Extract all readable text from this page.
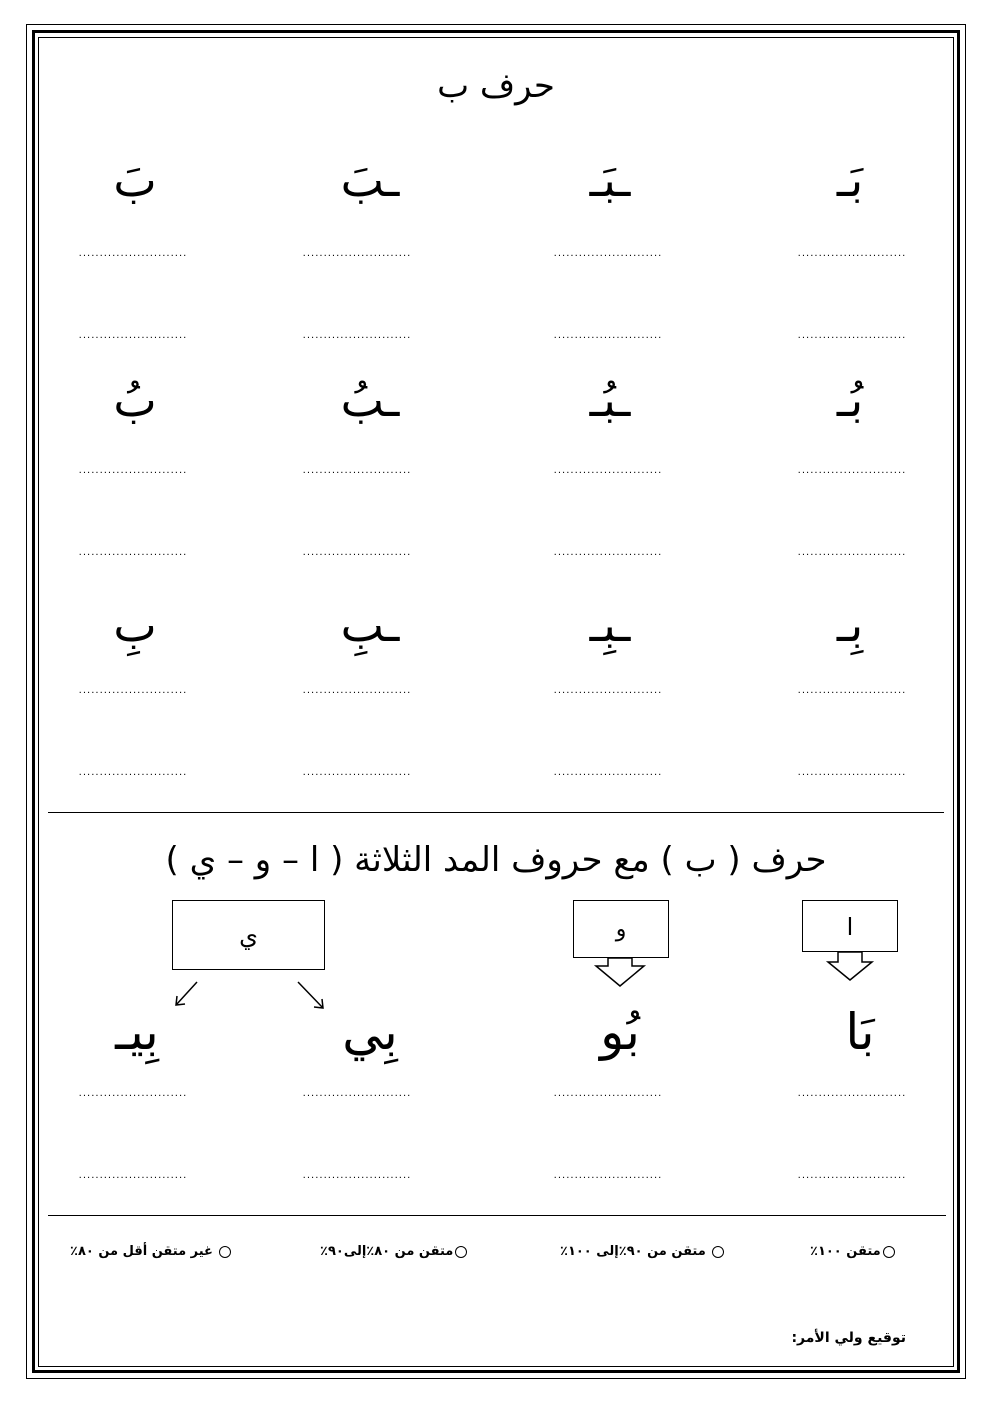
حرف ب
بَـ
ـبَـ
ـبَ
بَ
بُـ
ـبُـ
ـبُ
بُ
بِـ
ـبِـ
ـبِ
بِ
..........................
..........................
..........................
..........................
..........................
..........................
..........................
..........................
..........................
..........................
..........................
..........................
..........................
..........................
..........................
..........................
..........................
..........................
..........................
..........................
..........................
..........................
..........................
..........................
..........................
..........................
..........................
..........................
..........................
..........................
..........................
..........................
حرف ( ب ) مع حروف المد الثلاثة ( ا – و – ي )
ا
و
ي
بَا
بُو
بِي
بِيـ
متقن ١٠٠٪
متقن من ٩٠٪إلى ١٠٠٪
متقن من ٨٠٪إلى٩٠٪
غير متقن أقل من ٨٠٪
توقيع ولي الأمر:
